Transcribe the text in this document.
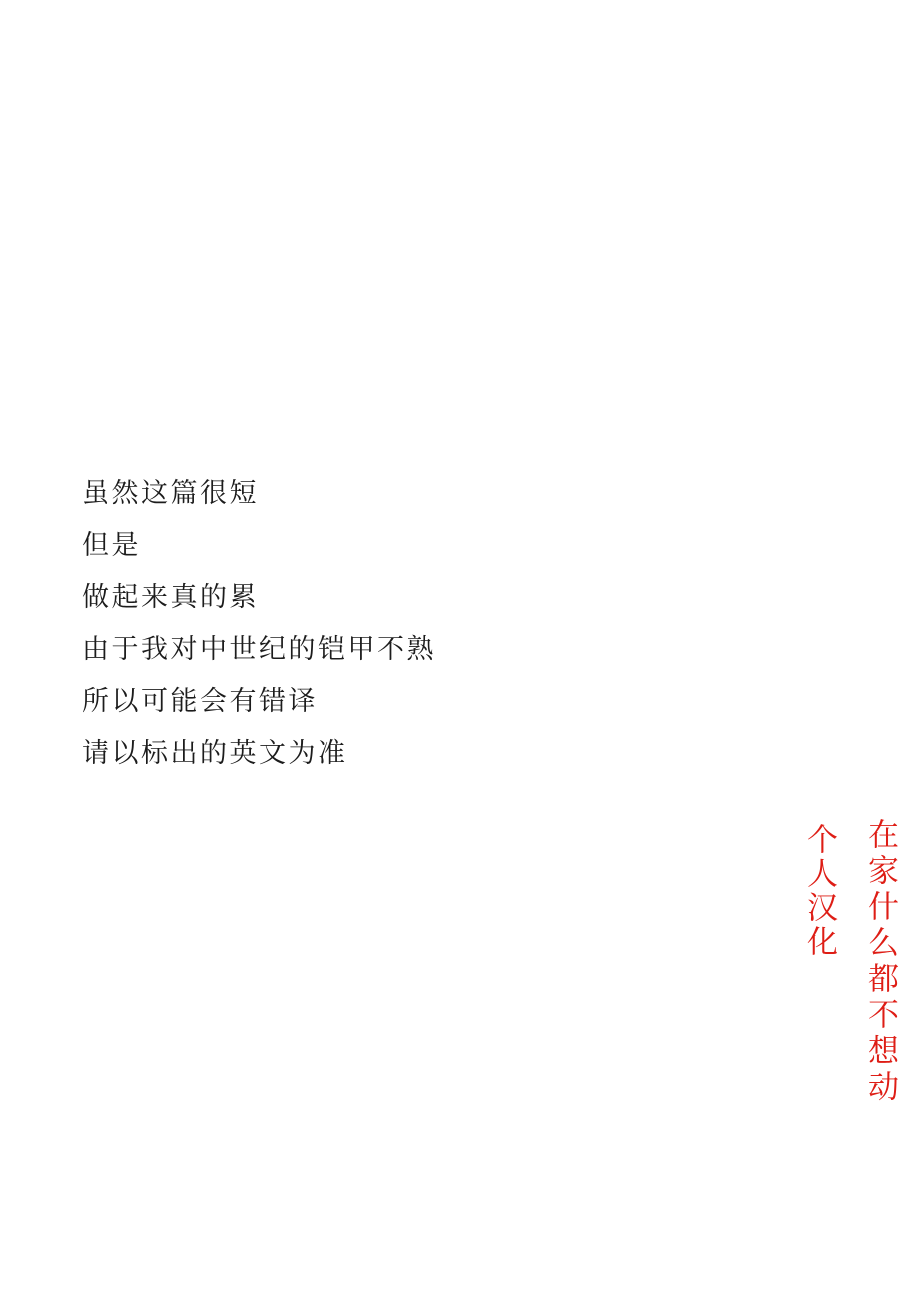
虽然这篇很短

但是

做起来真的累

由于我对中世纪的铠甲不熟

所以可能会有错译

请以标出的英文为准

在家什么都不想动
个人汉化
